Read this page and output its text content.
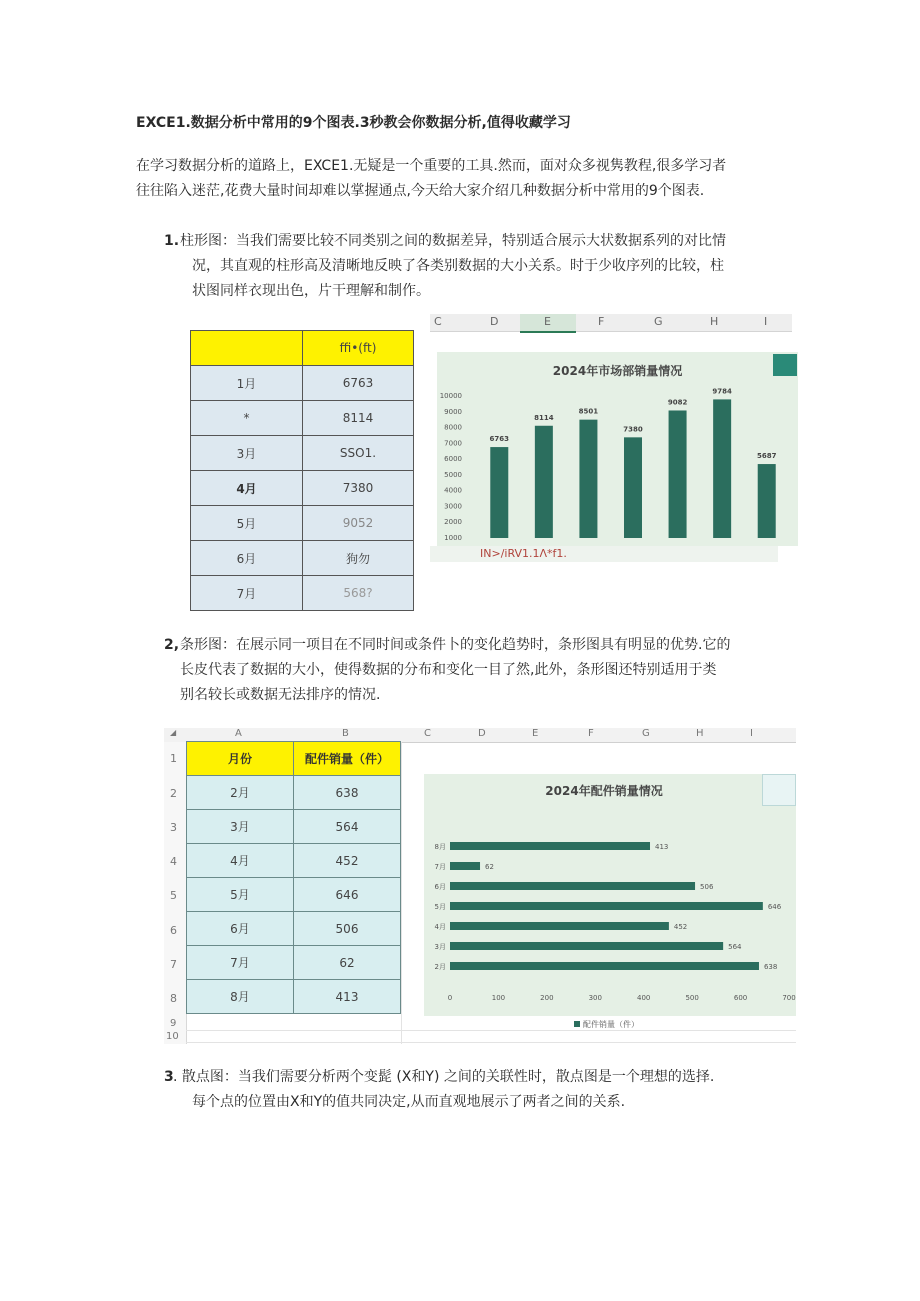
EXCE1.数据分析中常用的9个图表.3秒教会你数据分析,值得收藏学习
在学习数据分析的道路上，EXCE1.无疑是一个重要的工具.然而，面对众多视隽教程,很多学习者
往往陷入迷茫,花费大量时间却难以掌握通点,今天给大家介绍几种数据分析中常用的9个图表.
1. 柱形图：当我们需要比较不同类别之间的数据差异，特别适合展示大状数据系列的对比情
况，其直观的柱形高及清晰地反映了各类别数据的大小关系。时于少收序列的比较，柱
状图同样衣现出色，片干理解和制作。
	ffi•(ft)
1月	6763
*	8114
3月	SSO1.
4月	7380
5月	9052
6月	狗勿
7月	568?
C	D	E	F	G	H	I
2024年市场部销量情况
10000
9000
8000
7000
6000
5000
4000
3000
2000
1000
6763
8114
8501
7380
9082
9784
5687
IN>/iRV1.1Λ*f1.
2, 条形图：在展示同一项目在不同时间或条件卜的变化趋势时，条形图具有明显的优势.它的
长皮代表了数据的大小，使得数据的分布和变化一目了然,此外，条形图还特别适用于类
别名较长或数据无法排序的情况.
◢	A	B	C	D	E	F	G	H	I
1
2
3
4
5
6
7
8
9
10
月份	配件销量（件）
2月	638
3月	564
4月	452
5月	646
6月	506
7月	62
8月	413
2024年配件销量情况
8月	413
7月	62
6月	506
5月	646
4月	452
3月	564
2月	638
0	100	200	300	400	500	600	700
配件销量（件）
3 . 散点图：当我们需要分析两个变髭 (X和Y) 之间的关联性时，散点图是一个理想的选择.
每个点的位置由X和Y的值共同决定,从而直观地展示了两者之间的关系.
